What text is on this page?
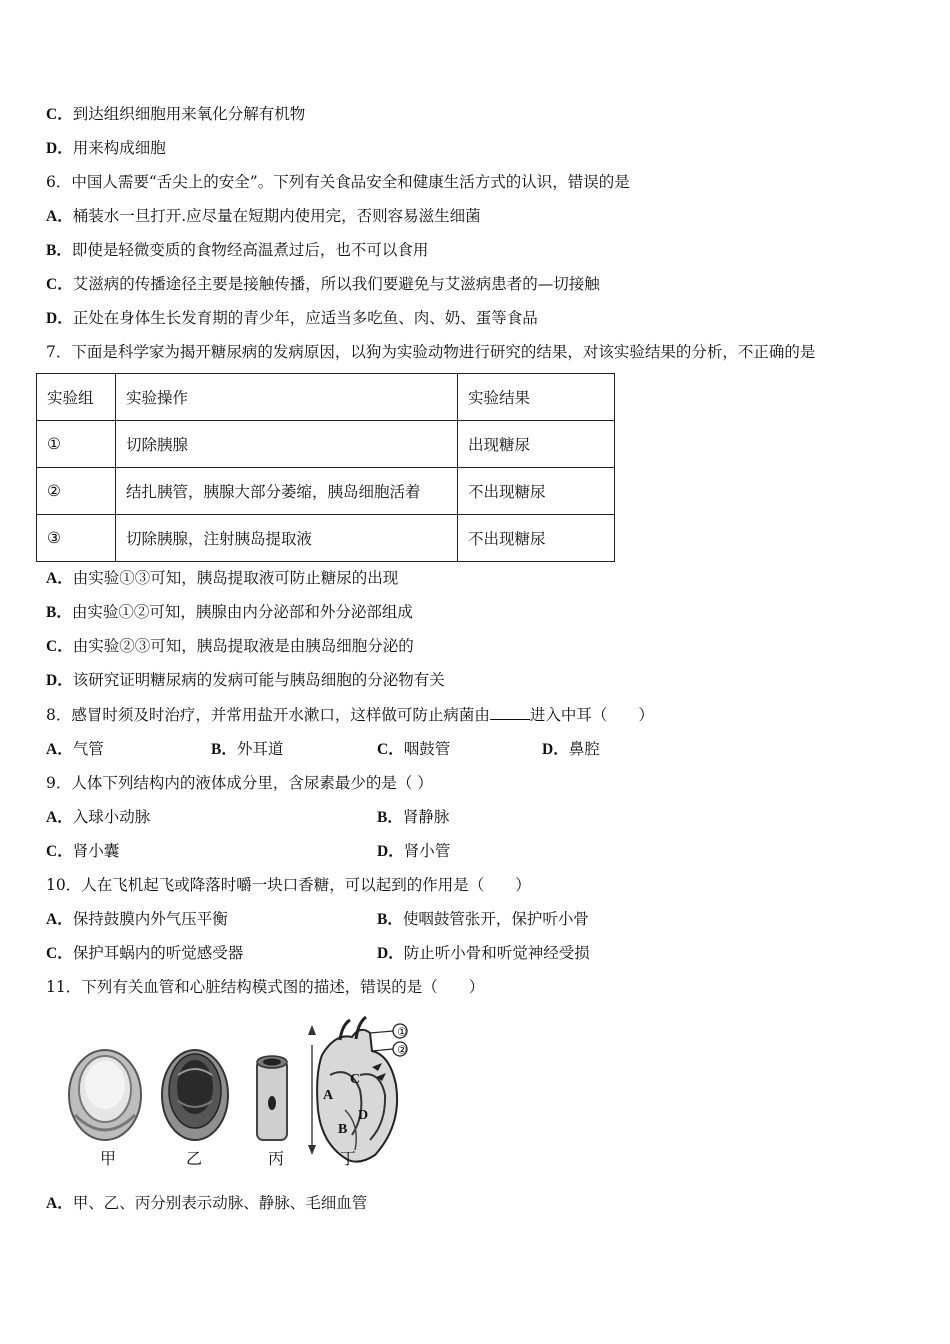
C．到达组织细胞用来氧化分解有机物
D．用来构成细胞
6．中国人需要“舌尖上的安全”。下列有关食品安全和健康生活方式的认识，错误的是
A．桶装水一旦打开.应尽量在短期内使用完，否则容易滋生细菌
B．即使是轻微变质的食物经高温煮过后，也不可以食用
C．艾滋病的传播途径主要是接触传播，所以我们要避免与艾滋病患者的—切接触
D．正处在身体生长发育期的青少年，应适当多吃鱼、肉、奶、蛋等食品
7．下面是科学家为揭开糖尿病的发病原因，以狗为实验动物进行研究的结果，对该实验结果的分析，不正确的是
实验组	实验操作	实验结果
①	切除胰腺	出现糖尿
②	结扎胰管，胰腺大部分萎缩，胰岛细胞活着	不出现糖尿
③	切除胰腺，注射胰岛提取液	不出现糖尿
A．由实验①③可知，胰岛提取液可防止糖尿的出现
B．由实验①②可知，胰腺由内分泌部和外分泌部组成
C．由实验②③可知，胰岛提取液是由胰岛细胞分泌的
D．该研究证明糖尿病的发病可能与胰岛细胞的分泌物有关
8．感冒时须及时治疗，并常用盐开水漱口，这样做可防止病菌由	进入中耳（　　）
A．气管	B．外耳道	C．咽鼓管	D．鼻腔
9．人体下列结构内的液体成分里，含尿素最少的是（ ）
A．入球小动脉	B．肾静脉
C．肾小囊	D．肾小管
10．人在飞机起飞或降落时嚼一块口香糖，可以起到的作用是（　　）
A．保持鼓膜内外气压平衡	B．使咽鼓管张开，保护听小骨
C．保护耳蜗内的听觉感受器	D．防止听小骨和听觉神经受损
11．下列有关血管和心脏结构模式图的描述，错误的是（　　）
①
②
A
B
C
D
甲	乙	丙	丁
A．甲、乙、丙分别表示动脉、静脉、毛细血管
